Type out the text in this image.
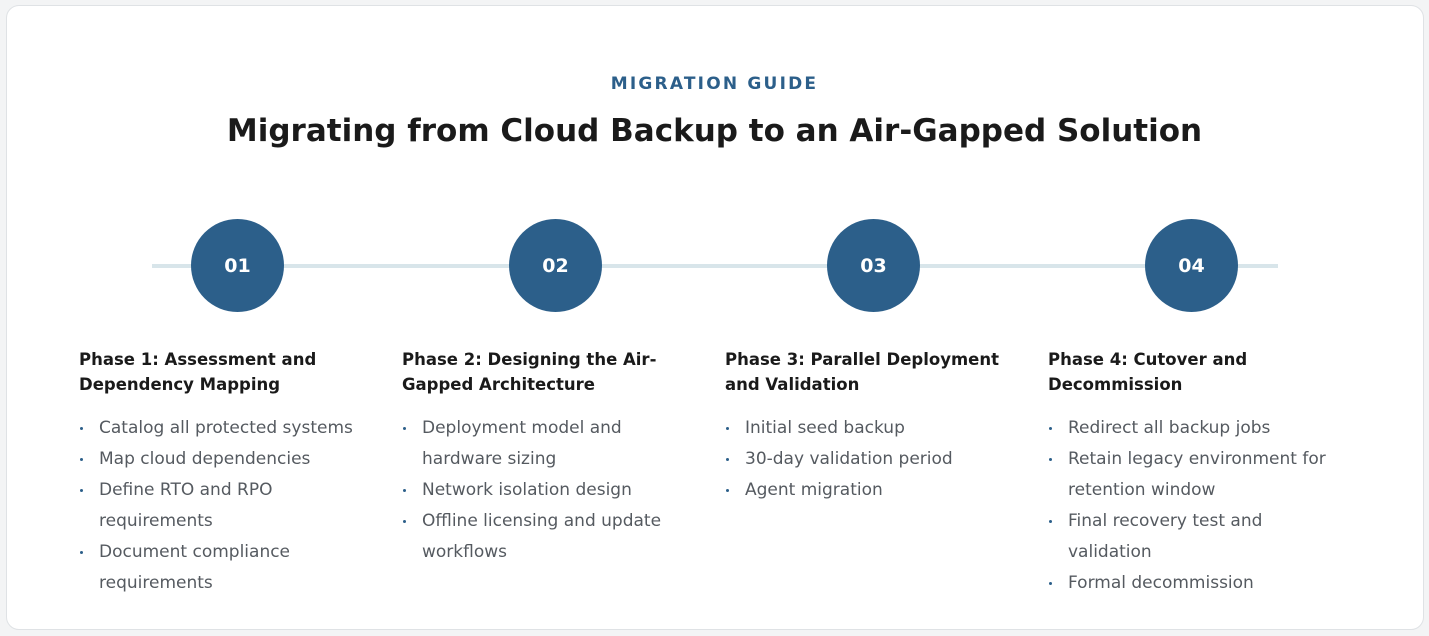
MIGRATION GUIDE
Migrating from Cloud Backup to an Air-Gapped Solution
01	02	03	04
Phase 1: Assessment and Dependency Mapping
Catalog all protected systems
Map cloud dependencies
Define RTO and RPO requirements
Document compliance requirements
Phase 2: Designing the Air-Gapped Architecture
Deployment model and hardware sizing
Network isolation design
Offline licensing and update workflows
Phase 3: Parallel Deployment and Validation
Initial seed backup
30-day validation period
Agent migration
Phase 4: Cutover and Decommission
Redirect all backup jobs
Retain legacy environment for retention window
Final recovery test and validation
Formal decommission
